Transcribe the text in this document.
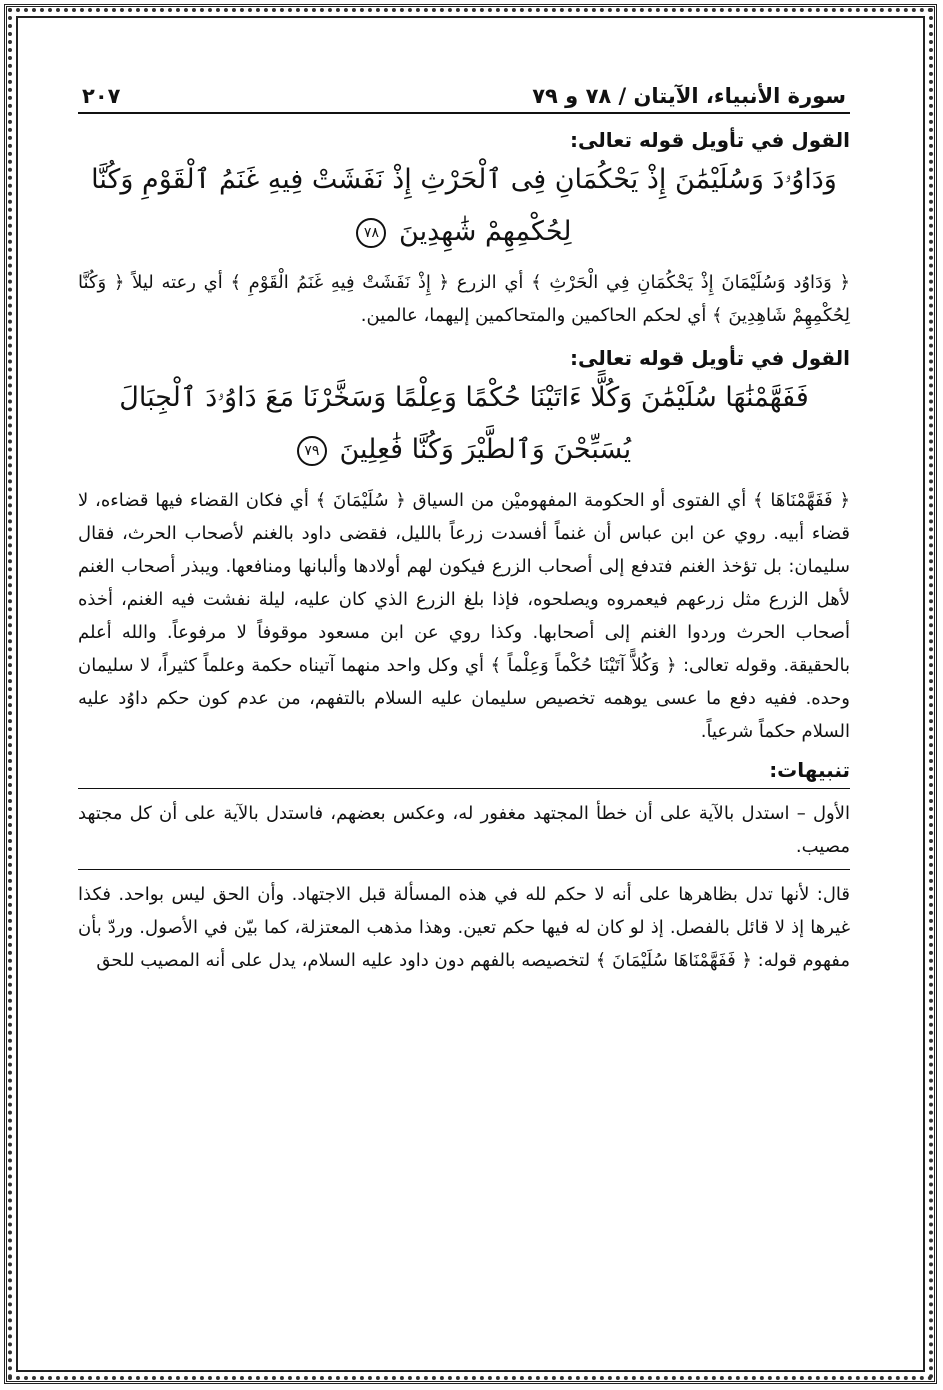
سورة الأنبياء، الآيتان / ٧٨ و ٧٩
٢٠٧
القول في تأويل قوله تعالى:
وَدَاوُۥدَ وَسُلَيْمَٰنَ إِذْ يَحْكُمَانِ فِى ٱلْحَرْثِ إِذْ نَفَشَتْ فِيهِ غَنَمُ ٱلْقَوْمِ وَكُنَّا لِحُكْمِهِمْ شَٰهِدِينَ ٧٨

﴿ وَدَاوُد وَسُلَيْمَانَ إِذْ يَحْكُمَانِ فِي الْحَرْثِ ﴾ أي الزرع ﴿ إِذْ نَفَشَتْ فِيهِ غَنَمُ الْقَوْمِ ﴾ أي رعته ليلاً ﴿ وَكُنَّا لِحُكْمِهِمْ شَاهِدِينَ ﴾ أي لحكم الحاكمين والمتحاكمين إليهما، عالمين.

القول في تأويل قوله تعالى:
فَفَهَّمْنَٰهَا سُلَيْمَٰنَ وَكُلًّا ءَاتَيْنَا حُكْمًا وَعِلْمًا وَسَخَّرْنَا مَعَ دَاوُۥدَ ٱلْجِبَالَ يُسَبِّحْنَ وَٱلطَّيْرَ وَكُنَّا فَٰعِلِينَ ٧٩

﴿ فَفَهَّمْنَاهَا ﴾ أي الفتوى أو الحكومة المفهوميْن من السياق ﴿ سُلَيْمَانَ ﴾ أي فكان القضاء فيها قضاءه، لا قضاء أبيه. روي عن ابن عباس أن غنماً أفسدت زرعاً بالليل، فقضى داود بالغنم لأصحاب الحرث، فقال سليمان: بل تؤخذ الغنم فتدفع إلى أصحاب الزرع فيكون لهم أولادها وألبانها ومنافعها. ويبذر أصحاب الغنم لأهل الزرع مثل زرعهم فيعمروه ويصلحوه، فإذا بلغ الزرع الذي كان عليه، ليلة نفشت فيه الغنم، أخذه أصحاب الحرث وردوا الغنم إلى أصحابها. وكذا روي عن ابن مسعود موقوفاً لا مرفوعاً. والله أعلم بالحقيقة. وقوله تعالى: ﴿ وَكُلاًّ آتَيْنَا حُكْماً وَعِلْماً ﴾ أي وكل واحد منهما آتيناه حكمة وعلماً كثيراً، لا سليمان وحده. ففيه دفع ما عسى يوهمه تخصيص سليمان عليه السلام بالتفهم، من عدم كون حكم داوُد عليه السلام حكماً شرعياً.

تنبيهات:

الأول – استدل بالآية على أن خطأ المجتهد مغفور له، وعكس بعضهم، فاستدل بالآية على أن كل مجتهد مصيب.

قال: لأنها تدل بظاهرها على أنه لا حكم لله في هذه المسألة قبل الاجتهاد. وأن الحق ليس بواحد. فكذا غيرها إذ لا قائل بالفصل. إذ لو كان له فيها حكم تعين. وهذا مذهب المعتزلة، كما بيّن في الأصول. وردّ بأن مفهوم قوله: ﴿ فَفَهَّمْنَاهَا سُلَيْمَانَ ﴾ لتخصيصه بالفهم دون داود عليه السلام، يدل على أنه المصيب للحق
